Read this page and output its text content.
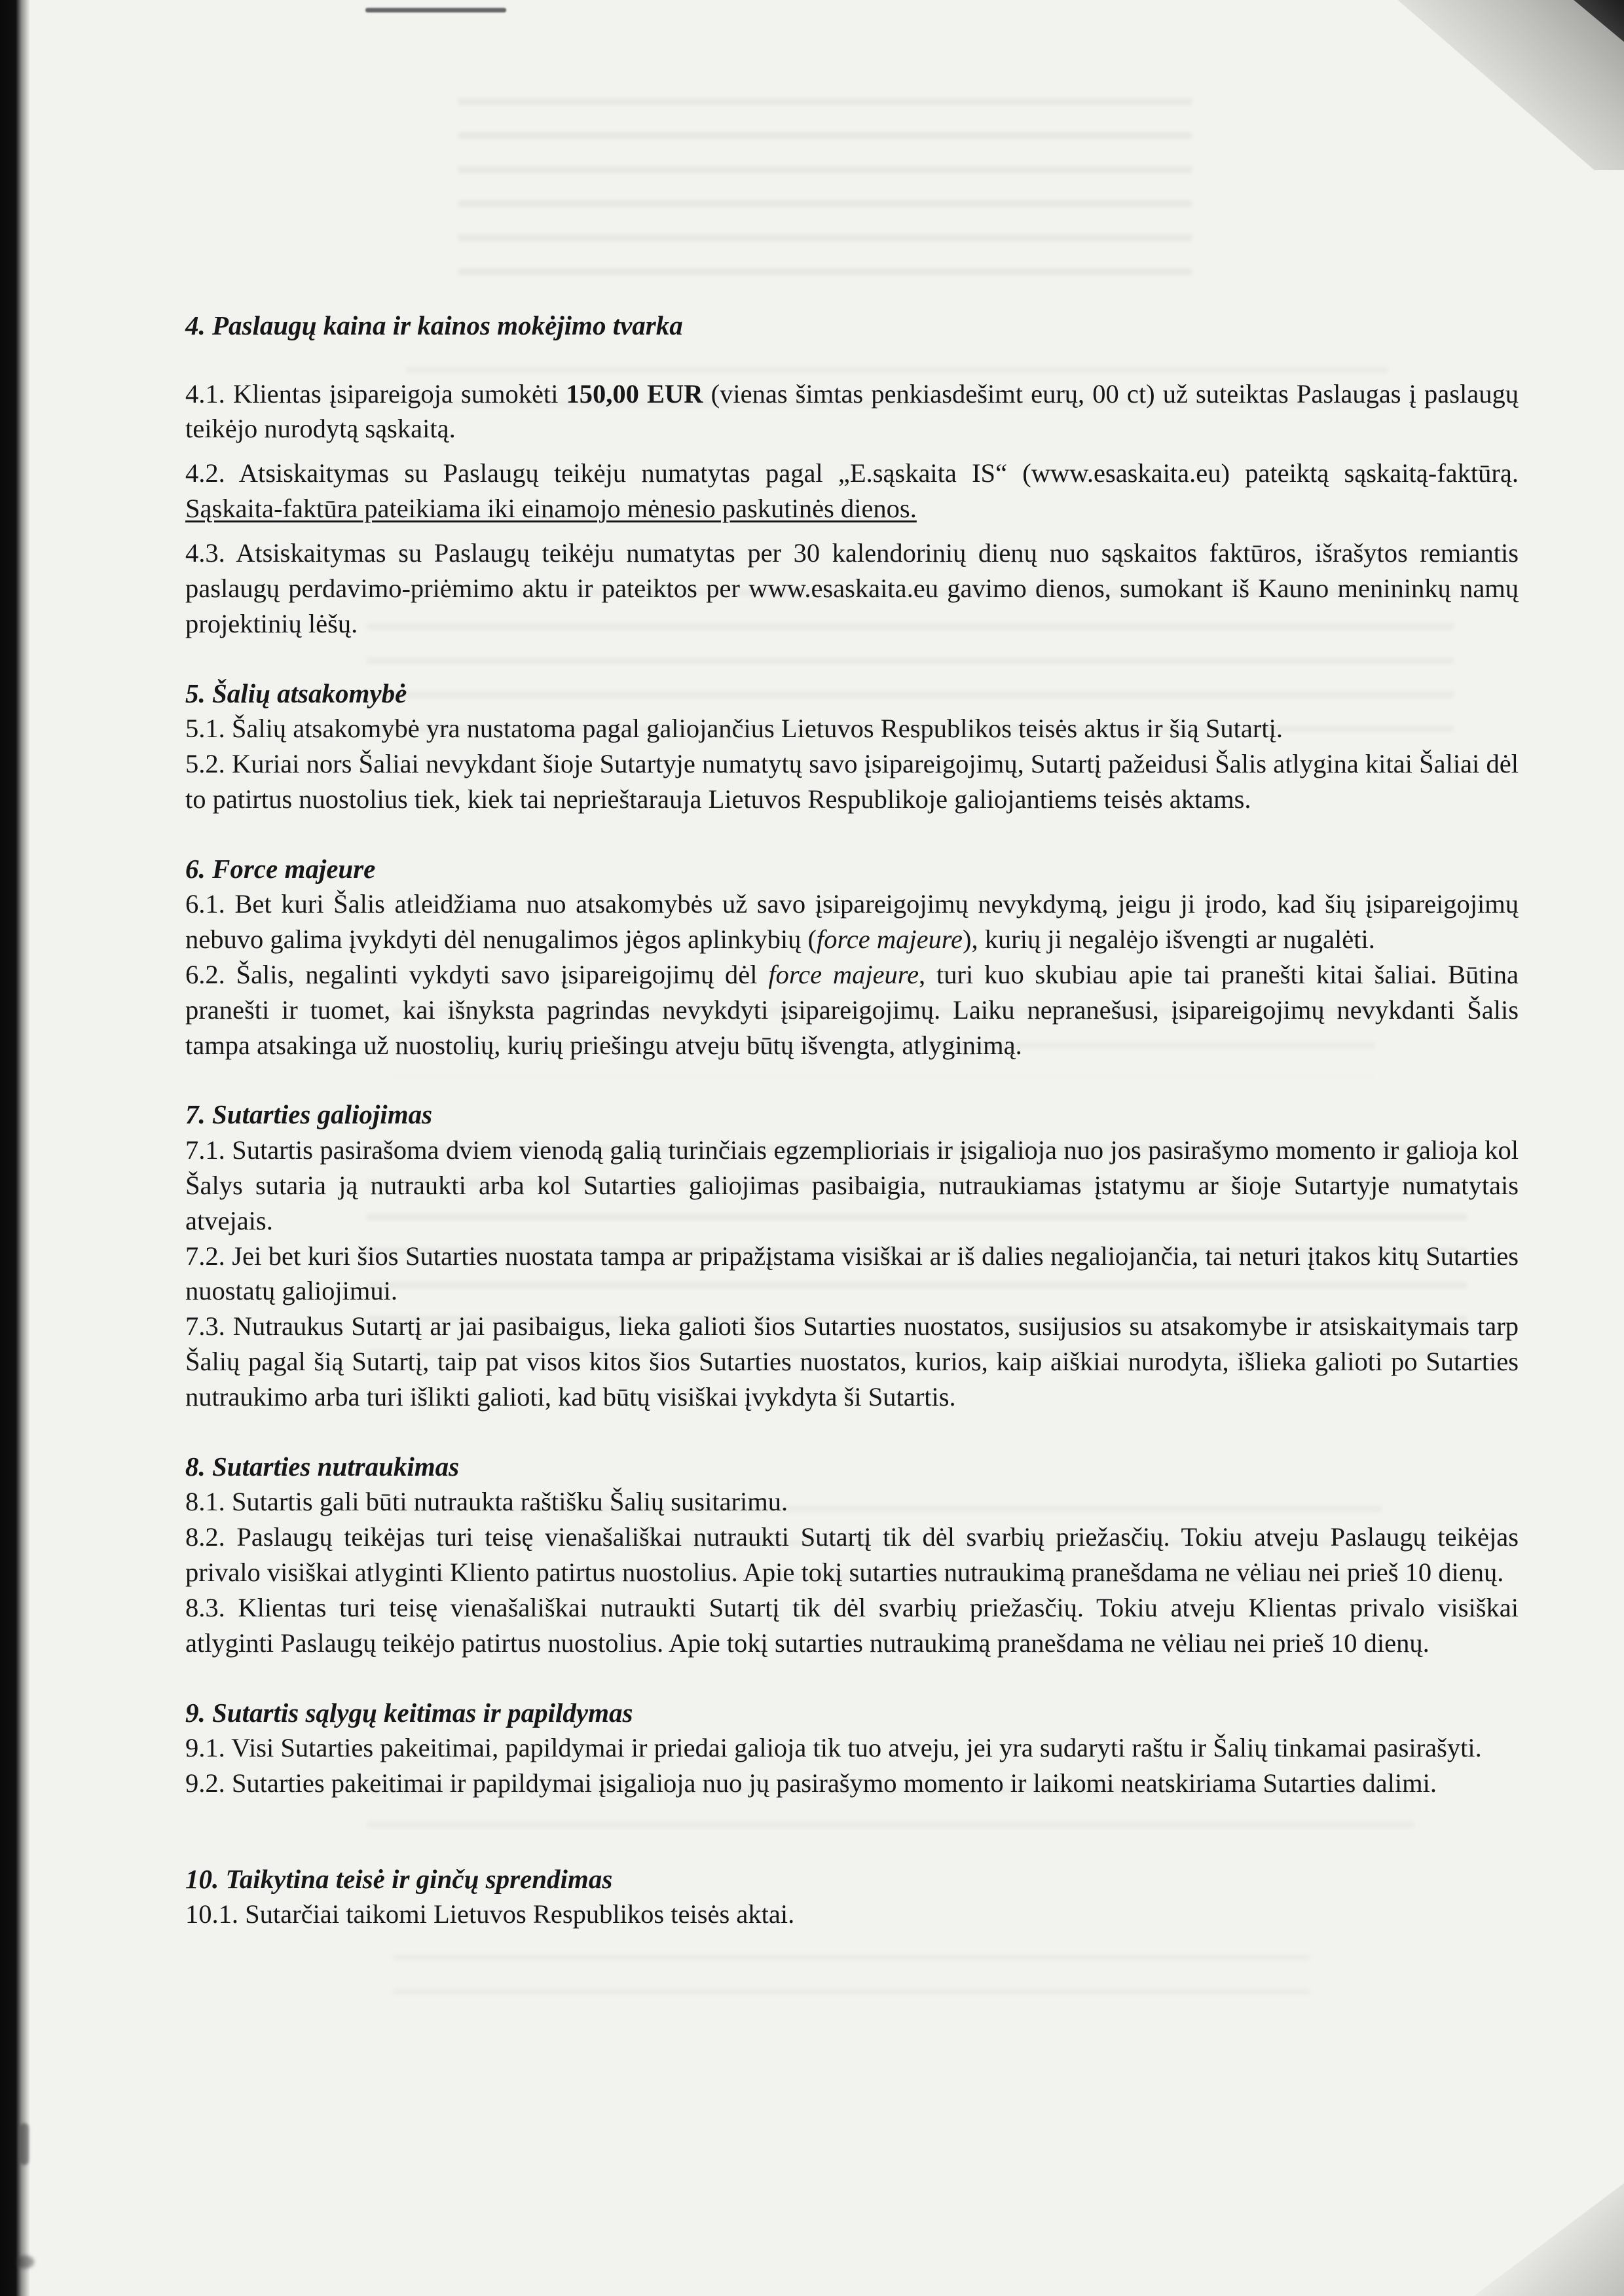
4. Paslaugų kaina ir kainos mokėjimo tvarka

4.1. Klientas įsipareigoja sumokėti 150,00 EUR (vienas šimtas penkiasdešimt eurų, 00 ct) už suteiktas Paslaugas į paslaugų teikėjo nurodytą sąskaitą.

4.2. Atsiskaitymas su Paslaugų teikėju numatytas pagal „E.sąskaita IS“ (www.esaskaita.eu) pateiktą sąskaitą-faktūrą. Sąskaita-faktūra pateikiama iki einamojo mėnesio paskutinės dienos.

4.3. Atsiskaitymas su Paslaugų teikėju numatytas per 30 kalendorinių dienų nuo sąskaitos faktūros, išrašytos remiantis paslaugų perdavimo-priėmimo aktu ir pateiktos per www.esaskaita.eu gavimo dienos, sumokant iš Kauno menininkų namų projektinių lėšų.

5. Šalių atsakomybė

5.1. Šalių atsakomybė yra nustatoma pagal galiojančius Lietuvos Respublikos teisės aktus ir šią Sutartį.

5.2. Kuriai nors Šaliai nevykdant šioje Sutartyje numatytų savo įsipareigojimų, Sutartį pažeidusi Šalis atlygina kitai Šaliai dėl to patirtus nuostolius tiek, kiek tai neprieštarauja Lietuvos Respublikoje galiojantiems teisės aktams.

6. Force majeure

6.1. Bet kuri Šalis atleidžiama nuo atsakomybės už savo įsipareigojimų nevykdymą, jeigu ji įrodo, kad šių įsipareigojimų nebuvo galima įvykdyti dėl nenugalimos jėgos aplinkybių (force majeure), kurių ji negalėjo išvengti ar nugalėti.

6.2. Šalis, negalinti vykdyti savo įsipareigojimų dėl force majeure, turi kuo skubiau apie tai pranešti kitai šaliai. Būtina pranešti ir tuomet, kai išnyksta pagrindas nevykdyti įsipareigojimų. Laiku nepranešusi, įsipareigojimų nevykdanti Šalis tampa atsakinga už nuostolių, kurių priešingu atveju būtų išvengta, atlyginimą.

7. Sutarties galiojimas

7.1. Sutartis pasirašoma dviem vienodą galią turinčiais egzemplioriais ir įsigalioja nuo jos pasirašymo momento ir galioja kol Šalys sutaria ją nutraukti arba kol Sutarties galiojimas pasibaigia, nutraukiamas įstatymu ar šioje Sutartyje numatytais atvejais.

7.2. Jei bet kuri šios Sutarties nuostata tampa ar pripažįstama visiškai ar iš dalies negaliojančia, tai neturi įtakos kitų Sutarties nuostatų galiojimui.

7.3. Nutraukus Sutartį ar jai pasibaigus, lieka galioti šios Sutarties nuostatos, susijusios su atsakomybe ir atsiskaitymais tarp Šalių pagal šią Sutartį, taip pat visos kitos šios Sutarties nuostatos, kurios, kaip aiškiai nurodyta, išlieka galioti po Sutarties nutraukimo arba turi išlikti galioti, kad būtų visiškai įvykdyta ši Sutartis.

8. Sutarties nutraukimas

8.1. Sutartis gali būti nutraukta raštišku Šalių susitarimu.

8.2. Paslaugų teikėjas turi teisę vienašališkai nutraukti Sutartį tik dėl svarbių priežasčių. Tokiu atveju Paslaugų teikėjas privalo visiškai atlyginti Kliento patirtus nuostolius. Apie tokį sutarties nutraukimą pranešdama ne vėliau nei prieš 10 dienų.

8.3. Klientas turi teisę vienašališkai nutraukti Sutartį tik dėl svarbių priežasčių. Tokiu atveju Klientas privalo visiškai atlyginti Paslaugų teikėjo patirtus nuostolius. Apie tokį sutarties nutraukimą pranešdama ne vėliau nei prieš 10 dienų.

9. Sutartis sąlygų keitimas ir papildymas

9.1. Visi Sutarties pakeitimai, papildymai ir priedai galioja tik tuo atveju, jei yra sudaryti raštu ir Šalių tinkamai pasirašyti.

9.2. Sutarties pakeitimai ir papildymai įsigalioja nuo jų pasirašymo momento ir laikomi neatskiriama Sutarties dalimi.

10. Taikytina teisė ir ginčų sprendimas

10.1. Sutarčiai taikomi Lietuvos Respublikos teisės aktai.
